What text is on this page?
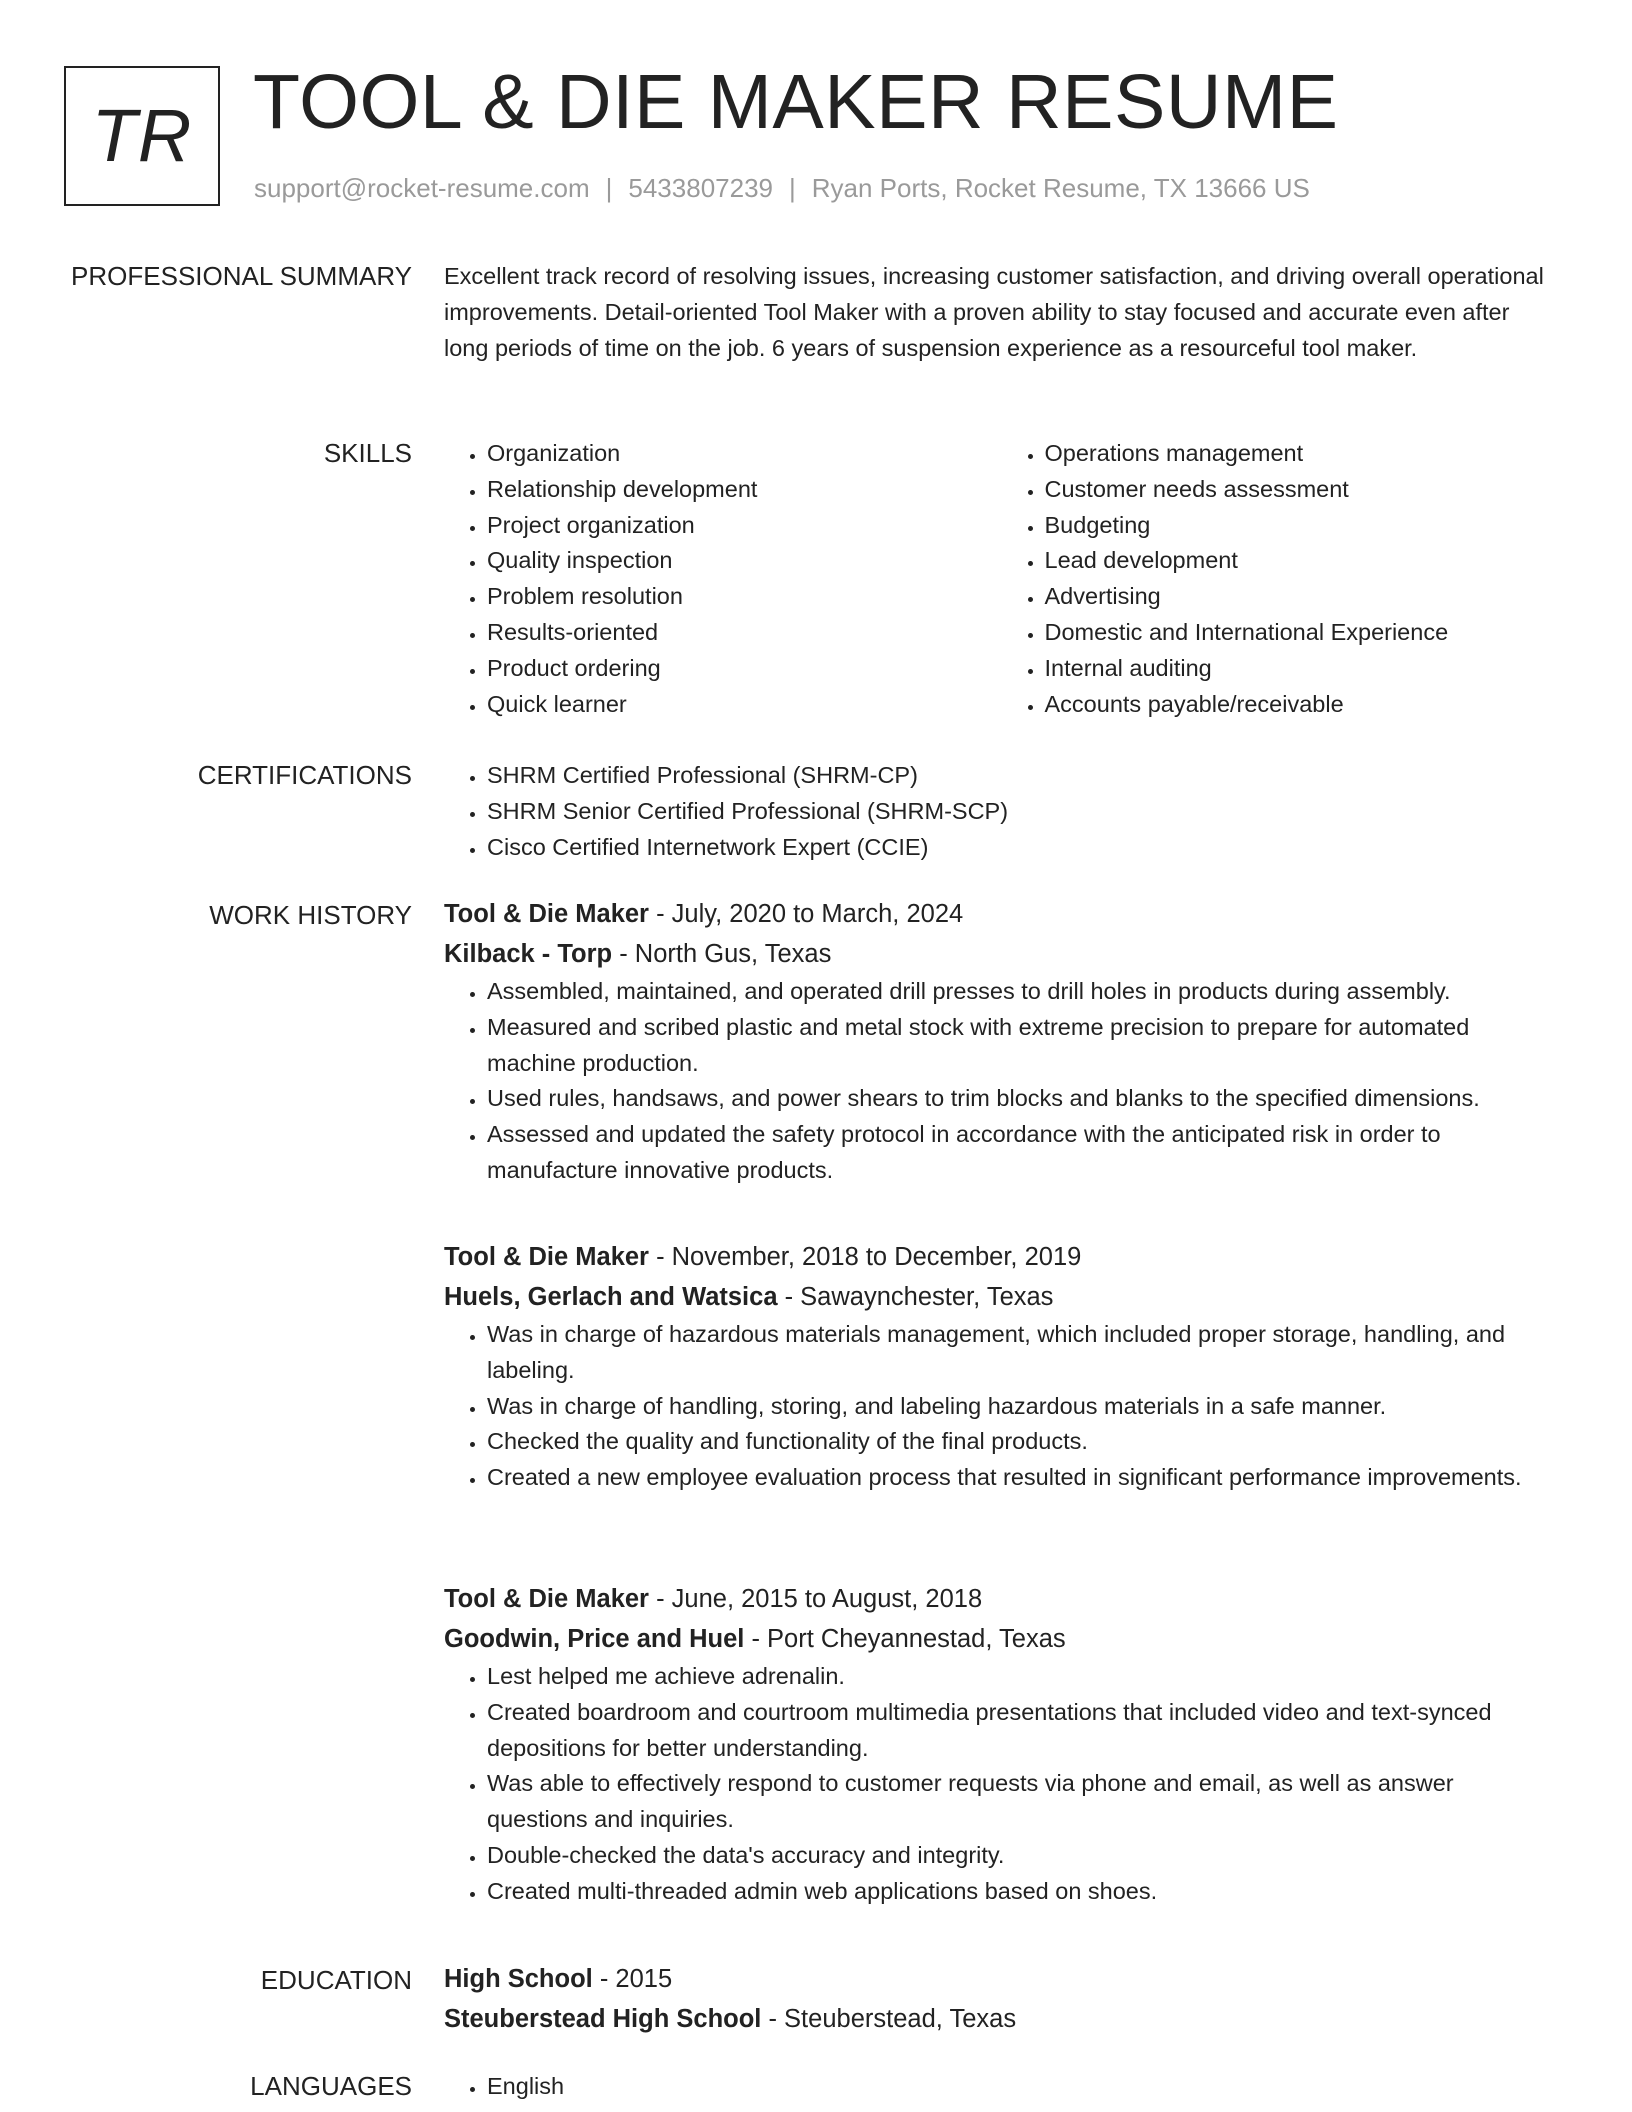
TR TOOL & DIE MAKER RESUME
support@rocket-resume.com | 5433807239 | Ryan Ports, Rocket Resume, TX 13666 US
PROFESSIONAL SUMMARY Excellent track record of resolving issues, increasing customer satisfaction, and driving overall operational improvements. Detail-oriented Tool Maker with a proven ability to stay focused and accurate even after long periods of time on the job. 6 years of suspension experience as a resourceful tool maker.

SKILLS	• Organization
• Relationship development
• Project organization
• Quality inspection
• Problem resolution
• Results-oriented
• Product ordering
• Quick learner
• Operations management
• Customer needs assessment
• Budgeting
• Lead development
• Advertising
• Domestic and International Experience
• Internal auditing
• Accounts payable/receivable
CERTIFICATIONS	• SHRM Certified Professional (SHRM-CP)
• SHRM Senior Certified Professional (SHRM-SCP)
• Cisco Certified Internetwork Expert (CCIE)
WORK HISTORY Tool & Die Maker - July, 2020 to March, 2024
Kilback - Torp - North Gus, Texas
• Assembled, maintained, and operated drill presses to drill holes in products during assembly.
• Measured and scribed plastic and metal stock with extreme precision to prepare for automated machine production.
• Used rules, handsaws, and power shears to trim blocks and blanks to the specified dimensions.
• Assessed and updated the safety protocol in accordance with the anticipated risk in order to manufacture innovative products.
Tool & Die Maker - November, 2018 to December, 2019
Huels, Gerlach and Watsica - Sawaynchester, Texas
• Was in charge of hazardous materials management, which included proper storage, handling, and labeling.
• Was in charge of handling, storing, and labeling hazardous materials in a safe manner.
• Checked the quality and functionality of the final products.
• Created a new employee evaluation process that resulted in significant performance improvements.
Tool & Die Maker - June, 2015 to August, 2018
Goodwin, Price and Huel - Port Cheyannestad, Texas
• Lest helped me achieve adrenalin.
• Created boardroom and courtroom multimedia presentations that included video and text-synced depositions for better understanding.
• Was able to effectively respond to customer requests via phone and email, as well as answer questions and inquiries.
• Double-checked the data's accuracy and integrity.
• Created multi-threaded admin web applications based on shoes.
EDUCATION High School - 2015
Steuberstead High School - Steuberstead, Texas
LANGUAGES	• English
